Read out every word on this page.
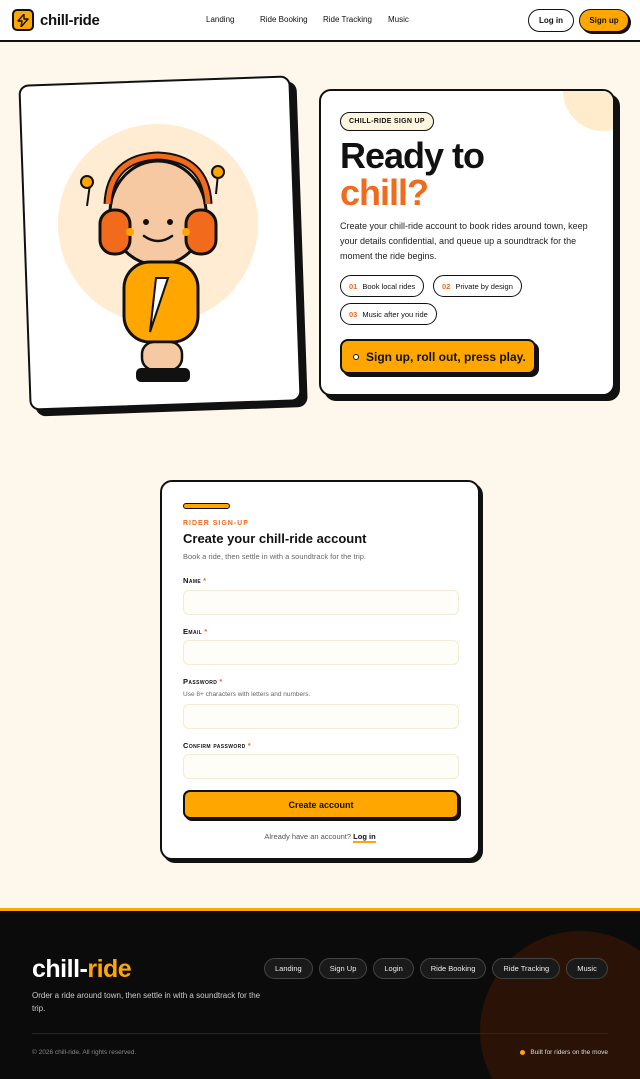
chill-ride	Landing	Ride Booking	Ride Tracking	Music	Log in	Sign up
CHILL-RIDE SIGN UP
Ready to
chill?

Create your chill-ride account to book rides around town, keep your details confidential, and queue up a soundtrack for the moment the ride begins.

01 Book local rides	02 Private by design
03 Music after you ride
Sign up, roll out, press play.
RIDER SIGN-UP
Create your chill-ride account
Book a ride, then settle in with a soundtrack for the trip.
Name *
Email *
Password *
Use 8+ characters with letters and numbers.
Confirm password *
Create account
Already have an account? Log in
chill-ride

Order a ride around town, then settle in with a soundtrack for the trip.

Landing	Sign Up	Login	Ride Booking	Ride Tracking	Music
© 2026 chill-ride. All rights reserved.	Built for riders on the move
